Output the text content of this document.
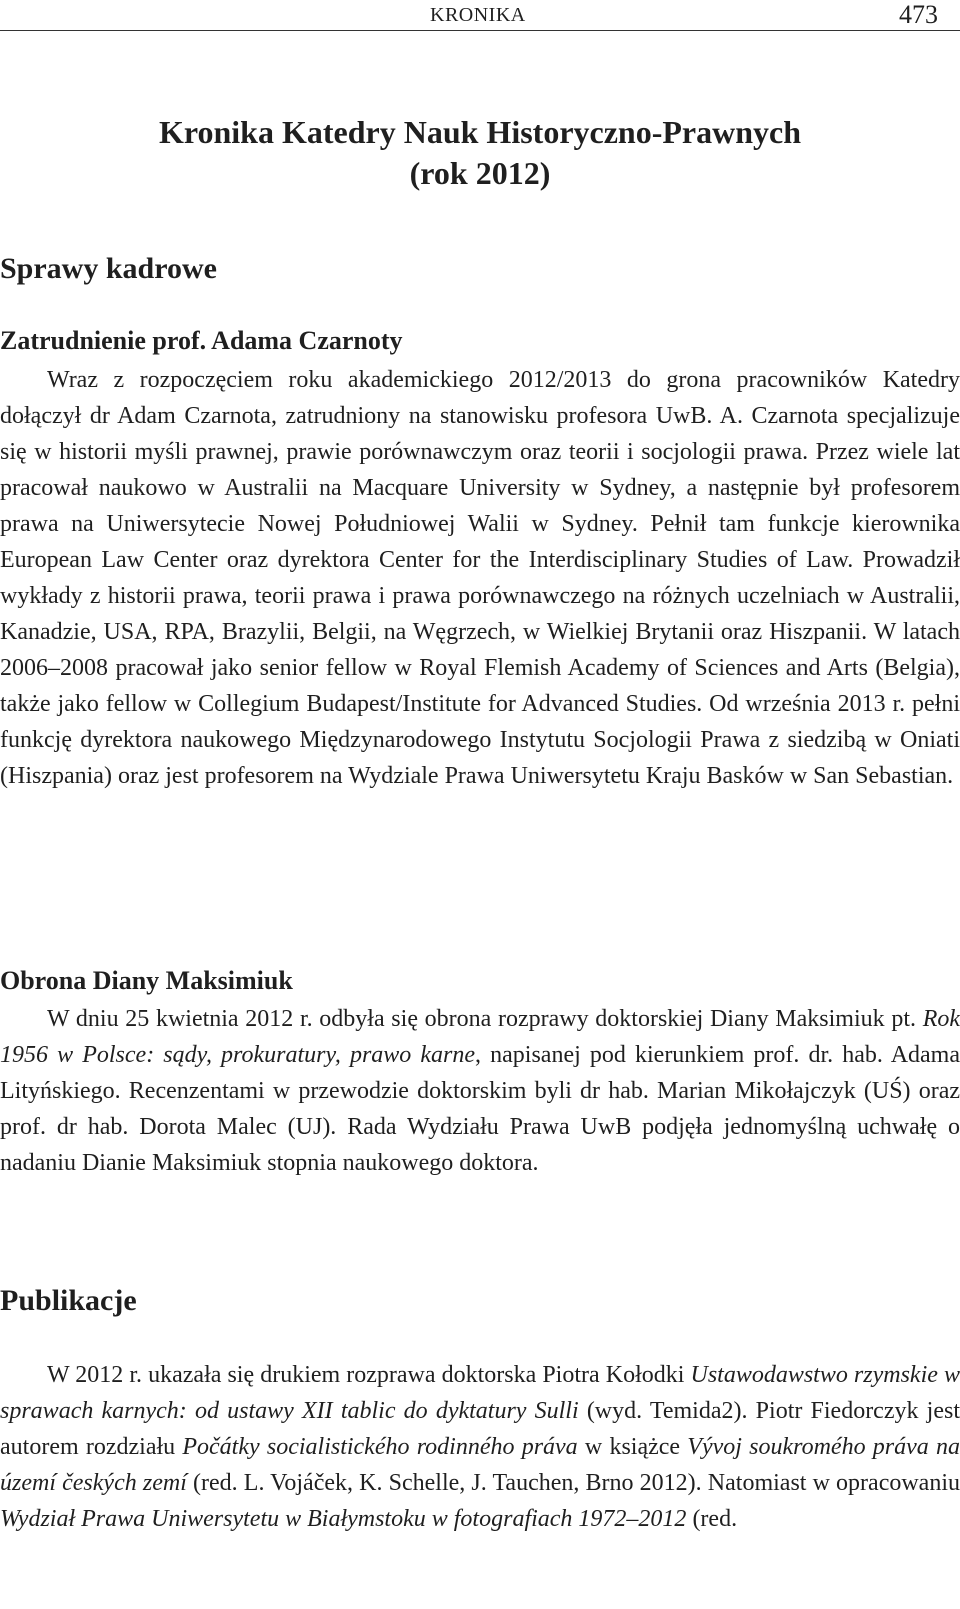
KRONIKA	473
Kronika Katedry Nauk Historyczno-Prawnych
(rok 2012)
Sprawy kadrowe
Zatrudnienie prof. Adama Czarnoty

Wraz z rozpoczęciem roku akademickiego 2012/2013 do grona pracowników Katedry dołączył dr Adam Czarnota, zatrudniony na stanowisku profesora UwB. A. Czarnota specjalizuje się w historii myśli prawnej, prawie porównawczym oraz teorii i socjologii prawa. Przez wiele lat pracował naukowo w Australii na Macquare University w Sydney, a następnie był profesorem prawa na Uniwersytecie Nowej Południowej Walii w Sydney. Pełnił tam funkcje kierownika European Law Center oraz dyrektora Center for the Interdisciplinary Studies of Law. Prowadził wykłady z historii prawa, teorii prawa i prawa porównawczego na różnych uczelniach w Australii, Kanadzie, USA, RPA, Brazylii, Belgii, na Węgrzech, w Wielkiej Brytanii oraz Hiszpanii. W latach 2006–2008 pracował jako senior fellow w Royal Flemish Academy of Sciences and Arts (Belgia), także jako fellow w Collegium Budapest/Institute for Advanced Studies. Od września 2013 r. pełni funkcję dyrektora naukowego Międzynarodowego Instytutu Socjologii Prawa z siedzibą w Oniati (Hiszpania) oraz jest profesorem na Wydziale Prawa Uniwersytetu Kraju Basków w San Sebastian.

Obrona Diany Maksimiuk

W dniu 25 kwietnia 2012 r. odbyła się obrona rozprawy doktorskiej Diany Maksimiuk pt. Rok 1956 w Polsce: sądy, prokuratury, prawo karne, napisanej pod kierunkiem prof. dr. hab. Adama Lityńskiego. Recenzentami w przewodzie doktorskim byli dr hab. Marian Mikołajczyk (UŚ) oraz prof. dr hab. Dorota Malec (UJ). Rada Wydziału Prawa UwB podjęła jednomyślną uchwałę o nadaniu Dianie Maksimiuk stopnia naukowego doktora.

Publikacje

W 2012 r. ukazała się drukiem rozprawa doktorska Piotra Kołodki Ustawodawstwo rzymskie w sprawach karnych: od ustawy XII tablic do dyktatury Sulli (wyd. Temida2). Piotr Fiedorczyk jest autorem rozdziału Počátky socialistického rodinného práva w książce Vývoj soukromého práva na území českých zemí (red. L. Vojáček, K. Schelle, J. Tauchen, Brno 2012). Natomiast w opracowaniu Wydział Prawa Uniwersytetu w Białymstoku w fotografiach 1972–2012 (red.
